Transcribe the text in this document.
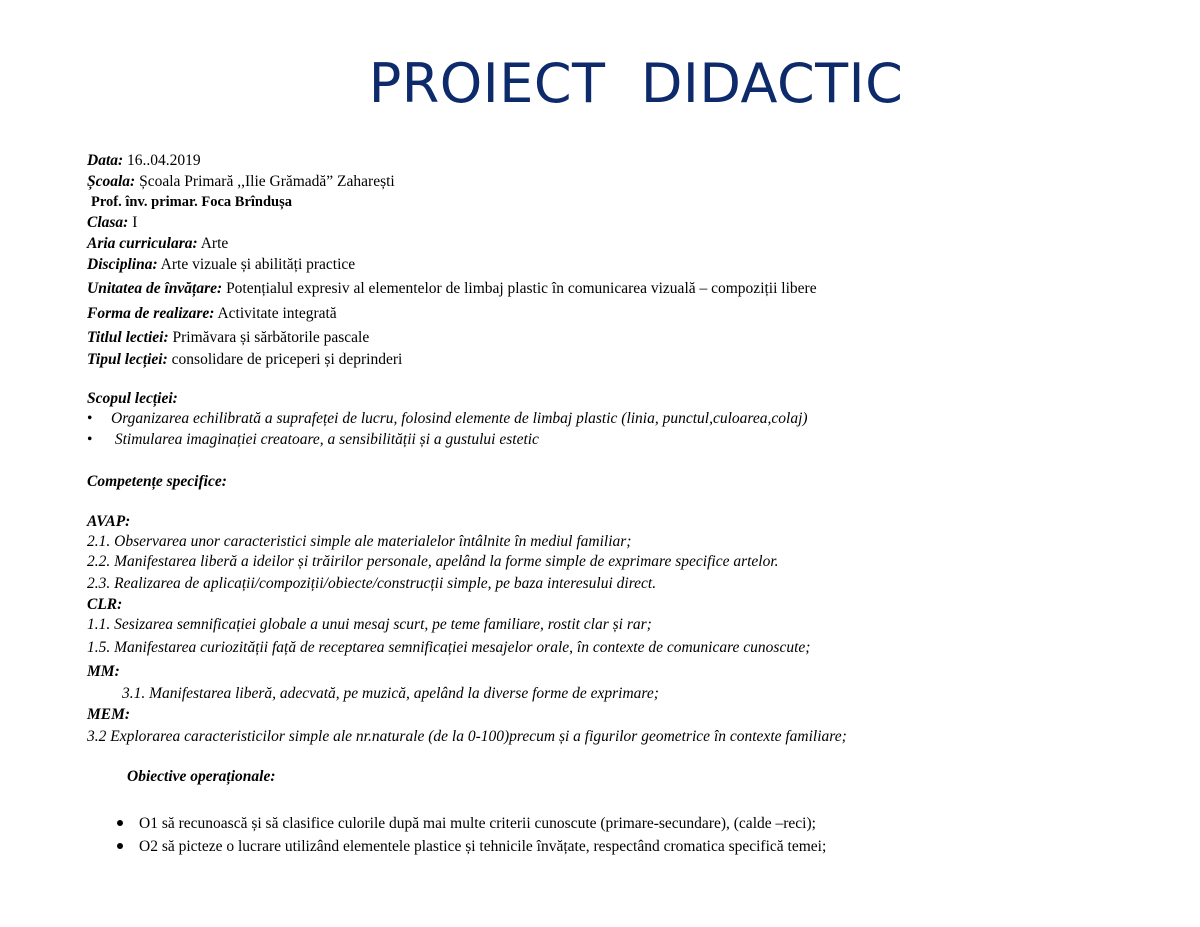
PROIECT  DIDACTIC
Data: 16..04.2019
Școala: Școala Primară ,,Ilie Grămadă” Zaharești
Prof. înv. primar. Foca Brîndușa
Clasa: I
Aria curriculara: Arte
Disciplina: Arte vizuale și abilități practice
Unitatea de învățare: Potențialul expresiv al elementelor de limbaj plastic în comunicarea vizuală – compoziții libere
Forma de realizare: Activitate integrată
Titlul lectiei: Primăvara și sărbătorile pascale
Tipul lecției: consolidare de priceperi și deprinderi
Scopul lecției:
• Organizarea echilibrată a suprafeței de lucru, folosind elemente de limbaj plastic (linia, punctul,culoarea,colaj)
• Stimularea imaginației creatoare, a sensibilității și a gustului estetic
Competențe specifice:
AVAP:
2.1. Observarea unor caracteristici simple ale materialelor întâlnite în mediul familiar;
2.2. Manifestarea liberă a ideilor și trăirilor personale, apelând la forme simple de exprimare specifice artelor.
2.3. Realizarea de aplicații/compoziții/obiecte/construcții simple, pe baza interesului direct.
CLR:
1.1. Sesizarea semnificației globale a unui mesaj scurt, pe teme familiare, rostit clar și rar;
1.5. Manifestarea curiozității față de receptarea semnificației mesajelor orale, în contexte de comunicare cunoscute;
MM:
3.1. Manifestarea liberă, adecvată, pe muzică, apelând la diverse forme de exprimare;
MEM:
3.2 Explorarea caracteristicilor simple ale nr.naturale (de la 0-100)precum și a figurilor geometrice în contexte familiare;
Obiective operaționale:
O1 să recunoască și să clasifice culorile după mai multe criterii cunoscute (primare-secundare), (calde –reci);
O2 să picteze o lucrare utilizând elementele plastice și tehnicile învățate, respectând cromatica specifică temei;
